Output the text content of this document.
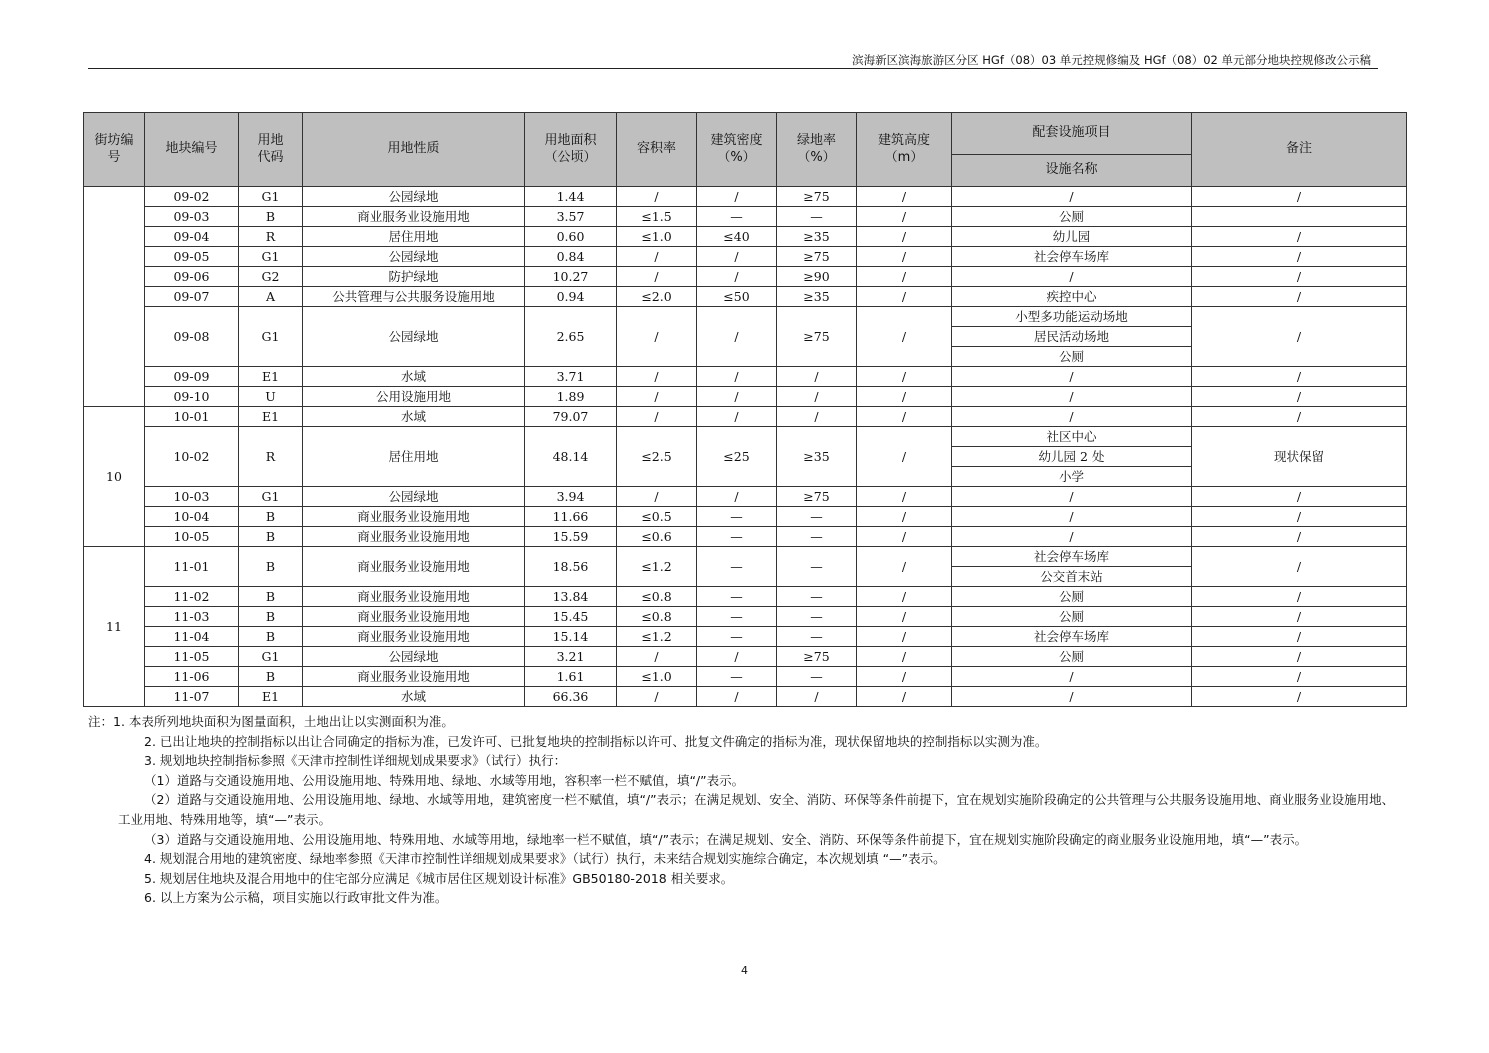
滨海新区滨海旅游区分区 HGf（08）03 单元控规修编及 HGf（08）02 单元部分地块控规修改公示稿
街坊编号	地块编号	用地代码	用地性质	用地面积（公顷）	容积率	建筑密度（%）	绿地率（%）	建筑高度（m）	配套设施项目	备注
									设施名称	
	09-02	G1	公园绿地	1.44	/	/	≥75	/	/	/
	09-03	B	商业服务业设施用地	3.57	≤1.5	—	—	/	公厕	
	09-04	R	居住用地	0.60	≤1.0	≤40	≥35	/	幼儿园	/
	09-05	G1	公园绿地	0.84	/	/	≥75	/	社会停车场库	/
	09-06	G2	防护绿地	10.27	/	/	≥90	/	/	/
	09-07	A	公共管理与公共服务设施用地	0.94	≤2.0	≤50	≥35	/	疾控中心	/
	09-08	G1	公园绿地	2.65	/	/	≥75	/	小型多功能运动场地	/
									居民活动场地	
									公厕	
	09-09	E1	水域	3.71	/	/	/	/	/	/
	09-10	U	公用设施用地	1.89	/	/	/	/	/	/
10	10-01	E1	水域	79.07	/	/	/	/	/	/
	10-02	R	居住用地	48.14	≤2.5	≤25	≥35	/	社区中心	现状保留
									幼儿园 2 处	
									小学	
	10-03	G1	公园绿地	3.94	/	/	≥75	/	/	/
	10-04	B	商业服务业设施用地	11.66	≤0.5	—	—	/	/	/
	10-05	B	商业服务业设施用地	15.59	≤0.6	—	—	/	/	/
11	11-01	B	商业服务业设施用地	18.56	≤1.2	—	—	/	社会停车场库	/
									公交首末站	
	11-02	B	商业服务业设施用地	13.84	≤0.8	—	—	/	公厕	/
	11-03	B	商业服务业设施用地	15.45	≤0.8	—	—	/	公厕	/
	11-04	B	商业服务业设施用地	15.14	≤1.2	—	—	/	社会停车场库	/
	11-05	G1	公园绿地	3.21	/	/	≥75	/	公厕	/
	11-06	B	商业服务业设施用地	1.61	≤1.0	—	—	/	/	/
	11-07	E1	水域	66.36	/	/	/	/	/	/

注：1. 本表所列地块面积为图量面积，土地出让以实测面积为准。

2. 已出让地块的控制指标以出让合同确定的指标为准，已发许可、已批复地块的控制指标以许可、批复文件确定的指标为准，现状保留地块的控制指标以实测为准。

3. 规划地块控制指标参照《天津市控制性详细规划成果要求》（试行）执行：

（1）道路与交通设施用地、公用设施用地、特殊用地、绿地、水域等用地，容积率一栏不赋值，填“/”表示。

（2）道路与交通设施用地、公用设施用地、绿地、水域等用地，建筑密度一栏不赋值，填“/”表示；在满足规划、安全、消防、环保等条件前提下，宜在规划实施阶段确定的公共管理与公共服务设施用地、商业服务业设施用地、工业用地、特殊用地等，填“—”表示。

（3）道路与交通设施用地、公用设施用地、特殊用地、水域等用地，绿地率一栏不赋值，填“/”表示；在满足规划、安全、消防、环保等条件前提下，宜在规划实施阶段确定的商业服务业设施用地，填“—”表示。

4. 规划混合用地的建筑密度、绿地率参照《天津市控制性详细规划成果要求》（试行）执行，未来结合规划实施综合确定，本次规划填 “—”表示。

5. 规划居住地块及混合用地中的住宅部分应满足《城市居住区规划设计标准》GB50180-2018 相关要求。

6. 以上方案为公示稿，项目实施以行政审批文件为准。

4
